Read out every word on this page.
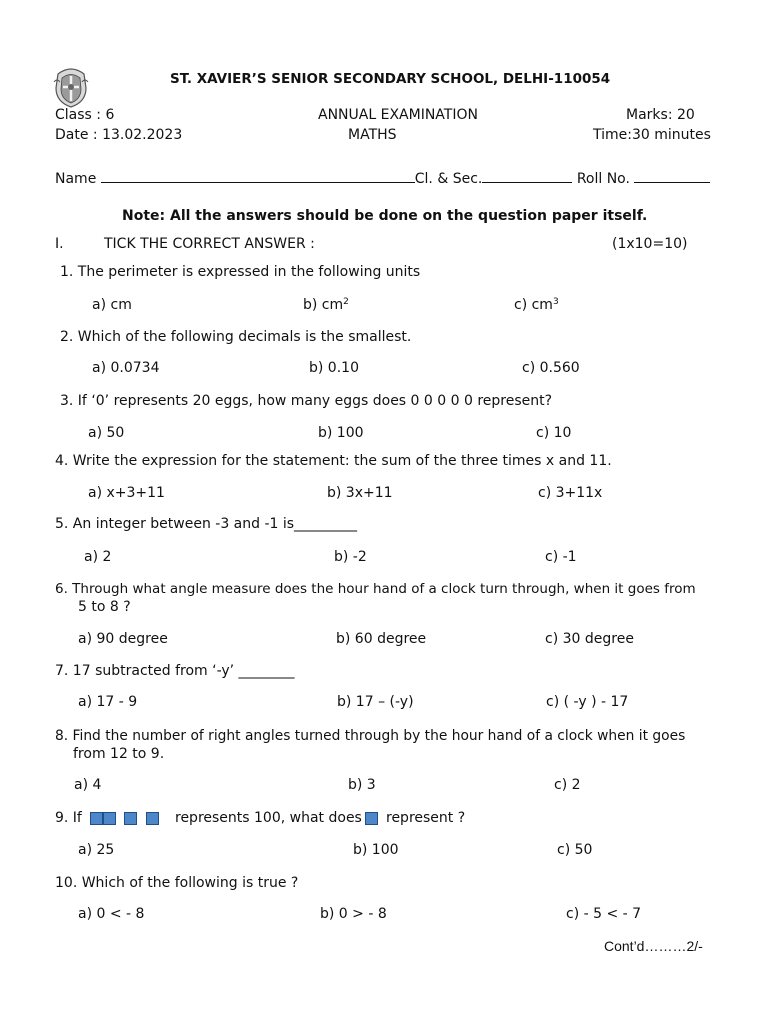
ST. XAVIER’S SENIOR SECONDARY SCHOOL, DELHI-110054
Class : 6	ANNUAL EXAMINATION	Marks: 20
Date : 13.02.2023	MATHS	Time:30 minutes
Name	Cl. & Sec.	Roll No.
Note: All the answers should be done on the question paper itself.
I.	TICK THE CORRECT ANSWER :	(1x10=10)
1. The perimeter is expressed in the following units
a) cm	b) $cm^2$	c) $cm^3$
2. Which of the following decimals is the smallest.
a) 0.0734	b) 0.10	c) 0.560
3. If ‘0’ represents 20 eggs, how many eggs does 0 0 0 0 0 represent?
a) 50	b) 100	c) 10
4. Write the expression for the statement: the sum of the three times x and 11.
a) x+3+11	b) 3x+11	c) 3+11x
5. An integer between -3 and -1 is_________
a) 2	b) -2	c) -1
6. Through what angle measure does the hour hand of a clock turn through, when it goes from
5 to 8 ?
a) 90 degree	b) 60 degree	c) 30 degree
7. 17 subtracted from ‘-y’ ________
a) 17 - 9	b) 17 – (-y)	c) ( -y ) - 17
8. Find the number of right angles turned through by the hour hand of a clock when it goes
from 12 to 9.
a) 4	b) 3	c) 2
9. If
	represents 100, what does represent ?
a) 25	b) 100	c) 50
10. Which of the following is true ?
a) 0 < - 8	b) 0 > - 8	c) - 5 < - 7
Cont’d………2/-
